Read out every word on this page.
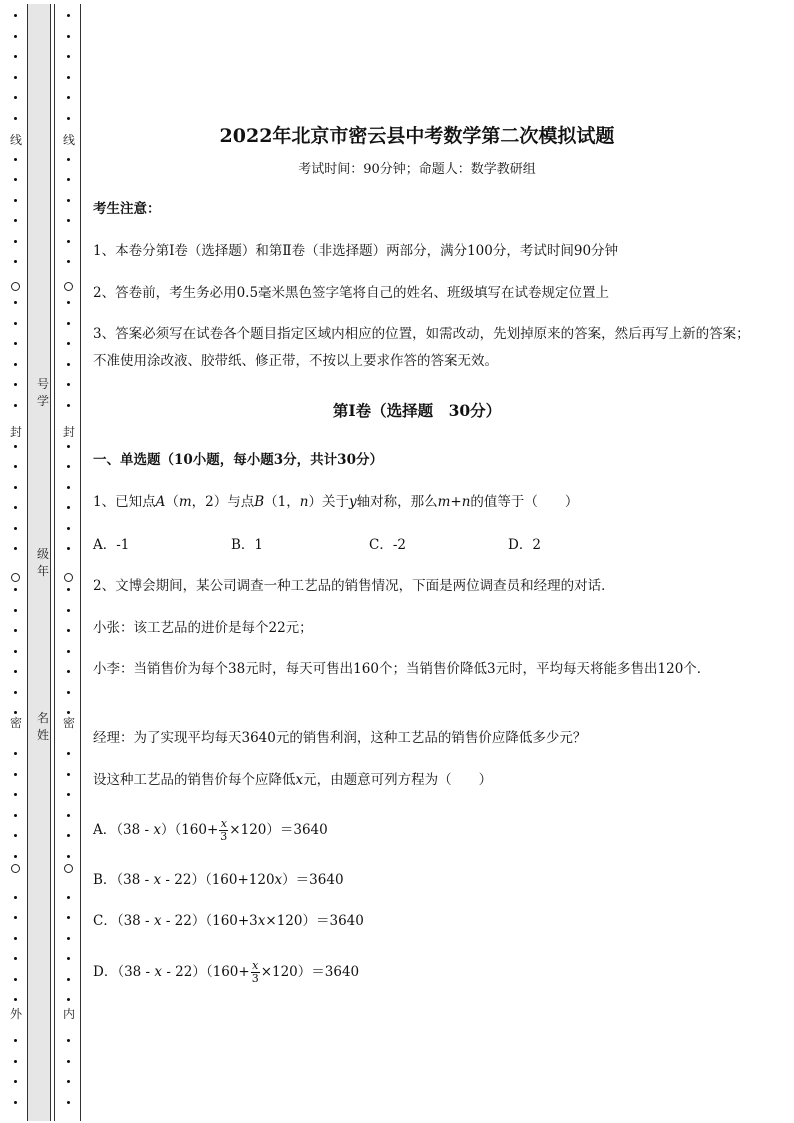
线
封
密
外
线
封
密
内
号学
级年
名姓
2022年北京市密云县中考数学第二次模拟试题
考试时间：90分钟；命题人：数学教研组
考生注意：
1、本卷分第I卷（选择题）和第Ⅱ卷（非选择题）两部分，满分100分，考试时间90分钟
2、答卷前，考生务必用0.5毫米黑色签字笔将自己的姓名、班级填写在试卷规定位置上
3、答案必须写在试卷各个题目指定区域内相应的位置，如需改动，先划掉原来的答案，然后再写上新的答案；不准使用涂改液、胶带纸、修正带，不按以上要求作答的答案无效。
第I卷（选择题　30分）
一、单选题（10小题，每小题3分，共计30分）
1、已知点A（m，2）与点B（1，n）关于y轴对称，那么m+n的值等于（　　）
A．-1	B．1	C．-2	D．2
2、文博会期间，某公司调查一种工艺品的销售情况，下面是两位调查员和经理的对话．
小张：该工艺品的进价是每个22元；
小李：当销售价为每个38元时，每天可售出160个；当销售价降低3元时，平均每天将能多售出120个．
经理：为了实现平均每天3640元的销售利润，这种工艺品的销售价应降低多少元？
设这种工艺品的销售价每个应降低x元，由题意可列方程为（　　）
A．$(38 - x)(160+ \frac{x}{3} \times 120)=3640$
B．（38 - x - 22）（160+120x）＝3640
C．（38 - x - 22）（160+3x×120）＝3640
D．$(38 - x - 22)(160+ \frac{x}{3} \times 120)=3640$
